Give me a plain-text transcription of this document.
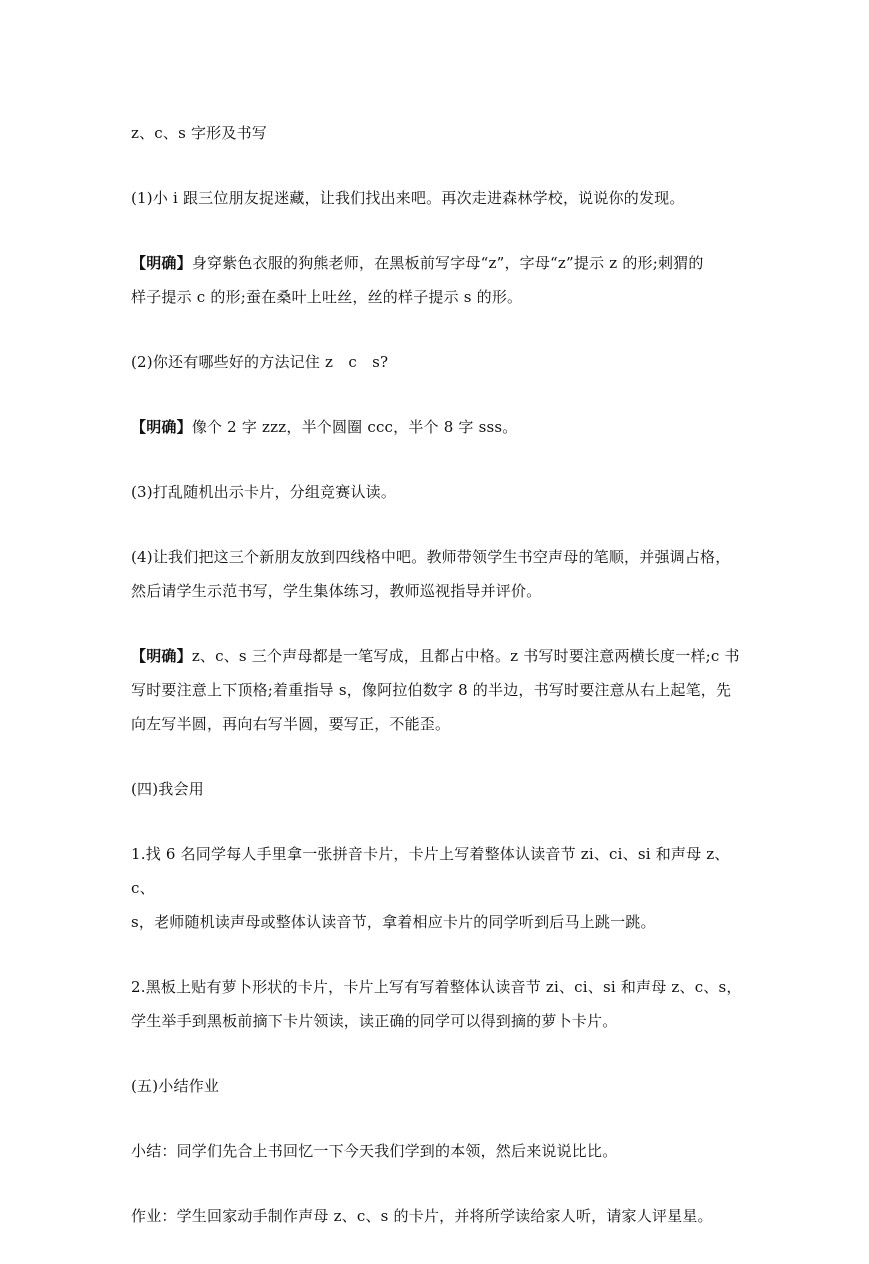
z、c、s 字形及书写
(1)小 i 跟三位朋友捉迷藏，让我们找出来吧。再次走进森林学校，说说你的发现。
【明确】身穿紫色衣服的狗熊老师，在黑板前写字母“z”，字母“z”提示 z 的形;刺猬的
样子提示 c 的形;蚕在桑叶上吐丝，丝的样子提示 s 的形。
(2)你还有哪些好的方法记住 z　c　s?
【明确】像个 2 字 zzz，半个圆圈 ccc，半个 8 字 sss。
(3)打乱随机出示卡片，分组竞赛认读。
(4)让我们把这三个新朋友放到四线格中吧。教师带领学生书空声母的笔顺，并强调占格，
然后请学生示范书写，学生集体练习，教师巡视指导并评价。
【明确】z、c、s 三个声母都是一笔写成，且都占中格。z 书写时要注意两横长度一样;c 书
写时要注意上下顶格;着重指导 s，像阿拉伯数字 8 的半边，书写时要注意从右上起笔，先
向左写半圆，再向右写半圆，要写正，不能歪。
(四)我会用
1.找 6 名同学每人手里拿一张拼音卡片，卡片上写着整体认读音节 zi、ci、si 和声母 z、c、
s，老师随机读声母或整体认读音节，拿着相应卡片的同学听到后马上跳一跳。
2.黑板上贴有萝卜形状的卡片，卡片上写有写着整体认读音节 zi、ci、si 和声母 z、c、s，
学生举手到黑板前摘下卡片领读，读正确的同学可以得到摘的萝卜卡片。
(五)小结作业
小结：同学们先合上书回忆一下今天我们学到的本领，然后来说说比比。
作业：学生回家动手制作声母 z、c、s 的卡片，并将所学读给家人听，请家人评星星。
